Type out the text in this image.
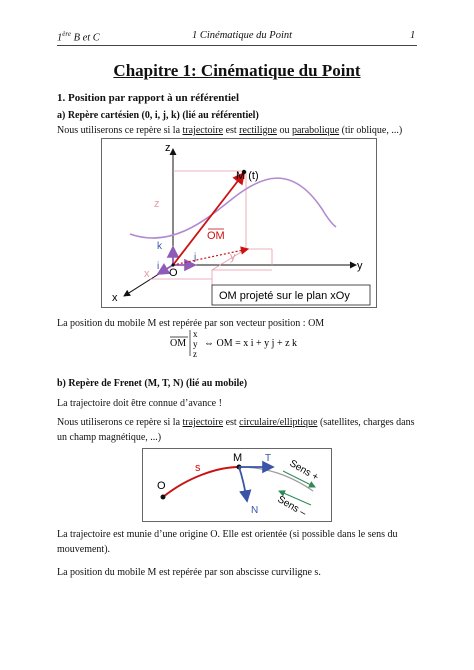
1ère B et C	1 Cinématique du Point	1
Chapitre 1: Cinématique du Point
1. Position par rapport à un référentiel
a) Repère cartésien (0, i, j, k) (lié au référentiel)
Nous utiliserons ce repère si la trajectoire est rectiligne ou parabolique (tir oblique, ...)
z
y
x
M (t)
OM
O
k
j
i
z
x
y
OM projeté sur le plan xOy
La position du mobile M est repérée par son vecteur position : OM
OM
x
y
z
⇔ OM = x i + y j + z k
b) Repère de Frenet (M, T, N) (lié au mobile)
La trajectoire doit être connue d’avance !
Nous utiliserons ce repère si la trajectoire est circulaire/elliptique (satellites, charges dans un champ magnétique, ...)
O
s
M T
N
Sens +
Sens –
La trajectoire est munie d’une origine O. Elle est orientée (si possible dans le sens du mouvement).
La position du mobile M est repérée par son abscisse curviligne s.
